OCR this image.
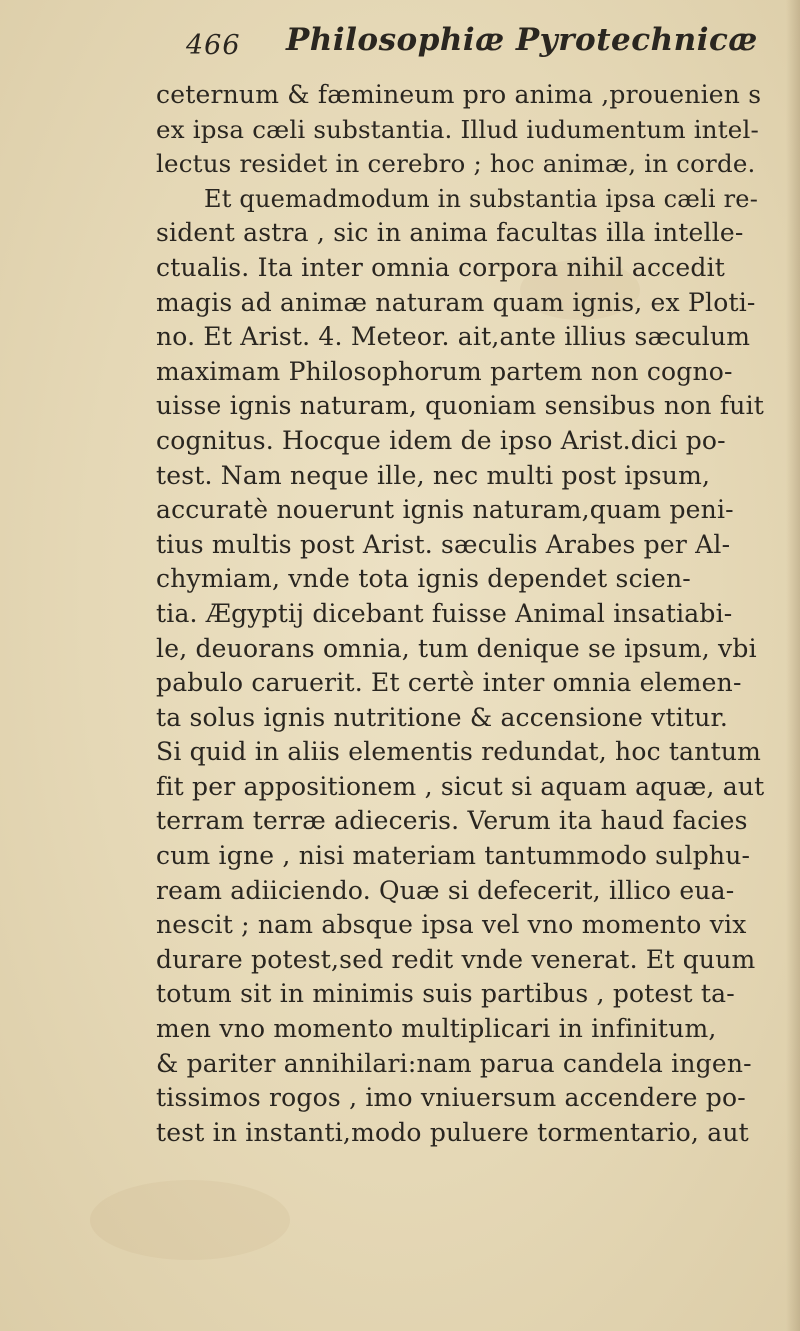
466 Philosophiæ Pyrotechnicæ
ceternum & fæmineum pro anima ,prouenien s
ex ipsa cæli substantia. Illud iudumentum intel-
lectus residet in cerebro ; hoc animæ, in corde.
Et quemadmodum in substantia ipsa cæli re-
sident astra , sic in anima facultas illa intelle-
ctualis. Ita inter omnia corpora nihil accedit
magis ad animæ naturam quam ignis, ex Ploti-
no. Et Arist. 4. Meteor. ait,ante illius sæculum
maximam Philosophorum partem non cogno-
uisse ignis naturam, quoniam sensibus non fuit
cognitus. Hocque idem de ipso Arist.dici po-
test. Nam neque ille, nec multi post ipsum,
accuratè nouerunt ignis naturam,quam peni-
tius multis post Arist. sæculis Arabes per Al-
chymiam, vnde tota ignis dependet scien-
tia. Ægyptij dicebant fuisse Animal insatiabi-
le, deuorans omnia, tum denique se ipsum, vbi
pabulo caruerit. Et certè inter omnia elemen-
ta solus ignis nutritione & accensione vtitur.
Si quid in aliis elementis redundat, hoc tantum
fit per appositionem , sicut si aquam aquæ, aut
terram terræ adieceris. Verum ita haud facies
cum igne , nisi materiam tantummodo sulphu-
ream adiiciendo. Quæ si defecerit, illico eua-
nescit ; nam absque ipsa vel vno momento vix
durare potest,sed redit vnde venerat. Et quum
totum sit in minimis suis partibus , potest ta-
men vno momento multiplicari in infinitum,
& pariter annihilari:nam parua candela ingen-
tissimos rogos , imo vniuersum accendere po-
test in instanti,modo puluere tormentario, aut
